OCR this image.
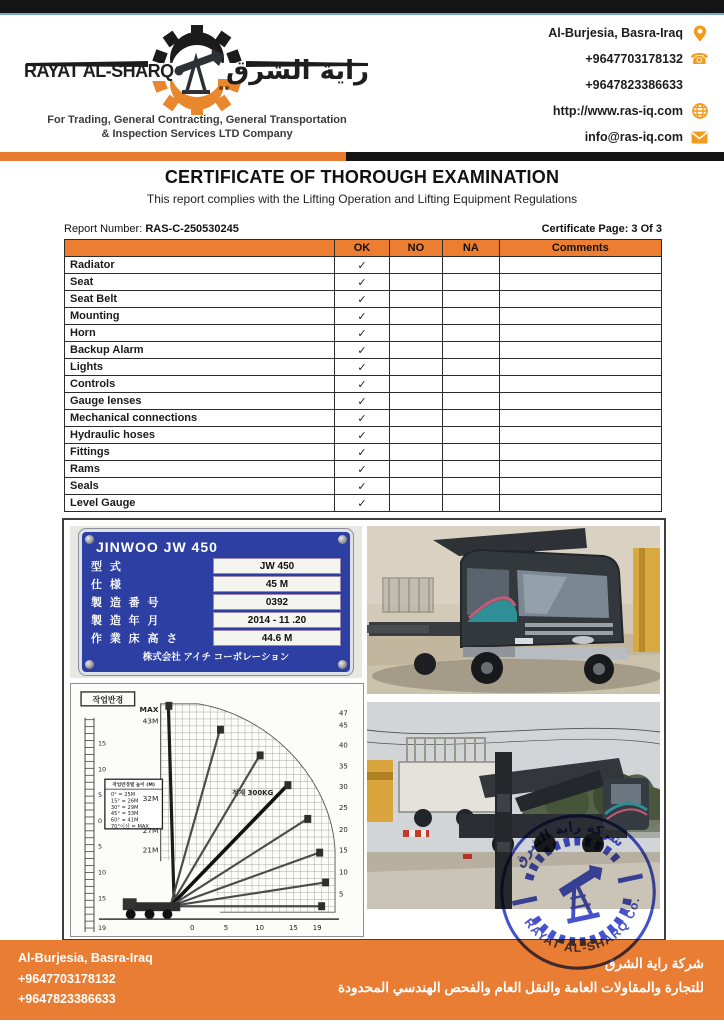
RAYAT AL-SHARQ راية الشرق
For Trading, General Contracting, General Transportation
& Inspection Services LTD Company
Al-Burjesia, Basra-Iraq
+9647703178132 ☎
+9647823386633
http://www.ras-iq.com
info@ras-iq.com
CERTIFICATE OF THOROUGH EXAMINATION
This report complies with the Lifting Operation and Lifting Equipment Regulations
Report Number: RAS-C-250530245	Certificate Page: 3 Of 3
	OK	NO	NA	Comments
Radiator	✓			
Seat	✓			
Seat Belt	✓			
Mounting	✓			
Horn	✓			
Backup Alarm	✓			
Lights	✓			
Controls	✓			
Gauge lenses	✓			
Mechanical connections	✓			
Hydraulic hoses	✓			
Fittings	✓			
Rams	✓			
Seals	✓			
Level Gauge	✓			
JINWOO JW 450
型 式	JW 450
仕 様	45 M
製 造 番 号	0392
製 造 年 月	2014 - 11 .20
作 業 床 高 さ	44.6 M
株式会社 アイチ コーポレーション
작업반경
작업반경별 높이 (M)
0° = 25M
15° = 26M
30° = 29M
45° = 33M
60° = 41M
70°이상 = MAX
47
45
40
35
30
25
20
15
10
5
0	5	10	15 19
15
10
5
0
5
10
15
19
MAX
43M
32M
27M
21M
적재 300KG
شركة راية الشرق
RAYAT AL-SHARQ Co.
Al-Burjesia, Basra-Iraq
+9647703178132
+9647823386633
شركة راية الشرق
للتجارة والمقاولات العامة والنقل العام والفحص الهندسي المحدودة
